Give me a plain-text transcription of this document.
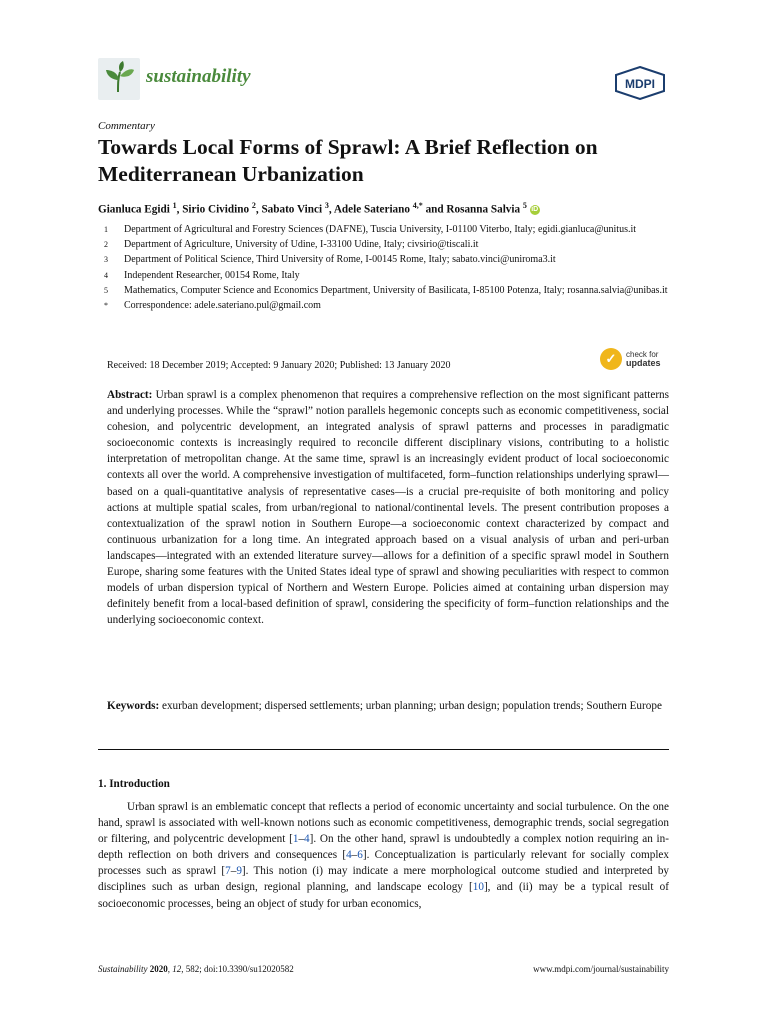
sustainability	MDPI
Commentary
Towards Local Forms of Sprawl: A Brief Reflection on Mediterranean Urbanization
Gianluca Egidi $^1$, Sirio Cividino $^2$, Sabato Vinci $^3$, Adele Sateriano $^{4,*}$ and Rosanna Salvia $^5$ iD
1	Department of Agricultural and Forestry Sciences (DAFNE), Tuscia University, I-01100 Viterbo, Italy; egidi.gianluca@unitus.it
2	Department of Agriculture, University of Udine, I-33100 Udine, Italy; civsirio@tiscali.it
3	Department of Political Science, Third University of Rome, I-00145 Rome, Italy; sabato.vinci@uniroma3.it
4	Independent Researcher, 00154 Rome, Italy
5	Mathematics, Computer Science and Economics Department, University of Basilicata, I-85100 Potenza, Italy; rosanna.salvia@unibas.it
*	Correspondence: adele.sateriano.pul@gmail.com
Received: 18 December 2019; Accepted: 9 January 2020; Published: 13 January 2020	✓	check for
updates
Abstract: Urban sprawl is a complex phenomenon that requires a comprehensive reflection on the most significant patterns and underlying processes. While the “sprawl” notion parallels hegemonic concepts such as economic competitiveness, social cohesion, and polycentric development, an integrated analysis of sprawl patterns and processes in paradigmatic socioeconomic contexts is increasingly required to reconcile different disciplinary visions, contributing to a holistic interpretation of metropolitan change. At the same time, sprawl is an increasingly evident product of local socioeconomic contexts all over the world. A comprehensive investigation of multifaceted, form–function relationships underlying sprawl—based on a quali-quantitative analysis of representative cases—is a crucial pre-requisite of both monitoring and policy actions at multiple spatial scales, from urban/regional to national/continental levels. The present contribution proposes a contextualization of the sprawl notion in Southern Europe—a socioeconomic context characterized by compact and continuous urbanization for a long time. An integrated approach based on a visual analysis of urban and peri-urban landscapes—integrated with an extended literature survey—allows for a definition of a specific sprawl model in Southern Europe, sharing some features with the United States ideal type of sprawl and showing peculiarities with respect to common models of urban dispersion typical of Northern and Western Europe. Policies aimed at containing urban dispersion may definitely benefit from a local-based definition of sprawl, considering the specificity of form–function relationships and the underlying socioeconomic context.
Keywords: exurban development; dispersed settlements; urban planning; urban design; population trends; Southern Europe
1. Introduction
Urban sprawl is an emblematic concept that reflects a period of economic uncertainty and social turbulence. On the one hand, sprawl is associated with well-known notions such as economic competitiveness, demographic trends, social segregation or filtering, and polycentric development [1–4]. On the other hand, sprawl is undoubtedly a complex notion requiring an in-depth reflection on both drivers and consequences [4–6]. Conceptualization is particularly relevant for socially complex processes such as sprawl [7–9]. This notion (i) may indicate a mere morphological outcome studied and interpreted by disciplines such as urban design, regional planning, and landscape ecology [10], and (ii) may be a typical result of socioeconomic processes, being an object of study for urban economics,
Sustainability 2020, 12, 582; doi:10.3390/su12020582	www.mdpi.com/journal/sustainability
